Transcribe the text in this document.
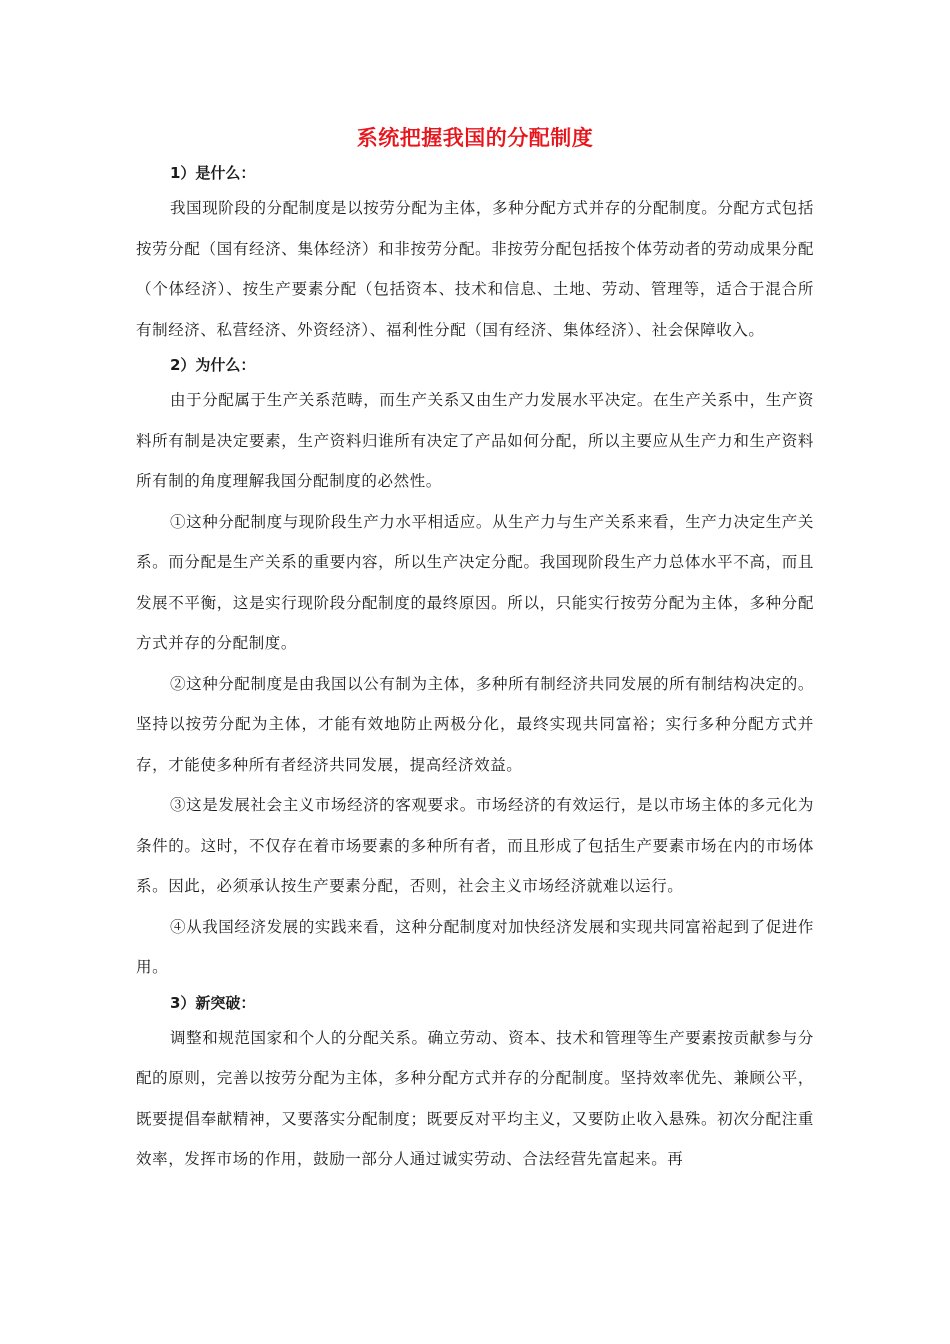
系统把握我国的分配制度
1）是什么：

我国现阶段的分配制度是以按劳分配为主体，多种分配方式并存的分配制度。分配方式包括按劳分配（国有经济、集体经济）和非按劳分配。非按劳分配包括按个体劳动者的劳动成果分配（个体经济）、按生产要素分配（包括资本、技术和信息、土地、劳动、管理等，适合于混合所有制经济、私营经济、外资经济）、福利性分配（国有经济、集体经济）、社会保障收入。

2）为什么：

由于分配属于生产关系范畴，而生产关系又由生产力发展水平决定。在生产关系中，生产资料所有制是决定要素，生产资料归谁所有决定了产品如何分配，所以主要应从生产力和生产资料所有制的角度理解我国分配制度的必然性。

①这种分配制度与现阶段生产力水平相适应。从生产力与生产关系来看，生产力决定生产关系。而分配是生产关系的重要内容，所以生产决定分配。我国现阶段生产力总体水平不高，而且发展不平衡，这是实行现阶段分配制度的最终原因。所以，只能实行按劳分配为主体，多种分配方式并存的分配制度。

②这种分配制度是由我国以公有制为主体，多种所有制经济共同发展的所有制结构决定的。坚持以按劳分配为主体，才能有效地防止两极分化，最终实现共同富裕；实行多种分配方式并存，才能使多种所有者经济共同发展，提高经济效益。

③这是发展社会主义市场经济的客观要求。市场经济的有效运行，是以市场主体的多元化为条件的。这时，不仅存在着市场要素的多种所有者，而且形成了包括生产要素市场在内的市场体系。因此，必须承认按生产要素分配，否则，社会主义市场经济就难以运行。

④从我国经济发展的实践来看，这种分配制度对加快经济发展和实现共同富裕起到了促进作用。

3）新突破：

调整和规范国家和个人的分配关系。确立劳动、资本、技术和管理等生产要素按贡献参与分配的原则，完善以按劳分配为主体，多种分配方式并存的分配制度。坚持效率优先、兼顾公平，既要提倡奉献精神，又要落实分配制度；既要反对平均主义，又要防止收入悬殊。初次分配注重效率，发挥市场的作用，鼓励一部分人通过诚实劳动、合法经营先富起来。再
